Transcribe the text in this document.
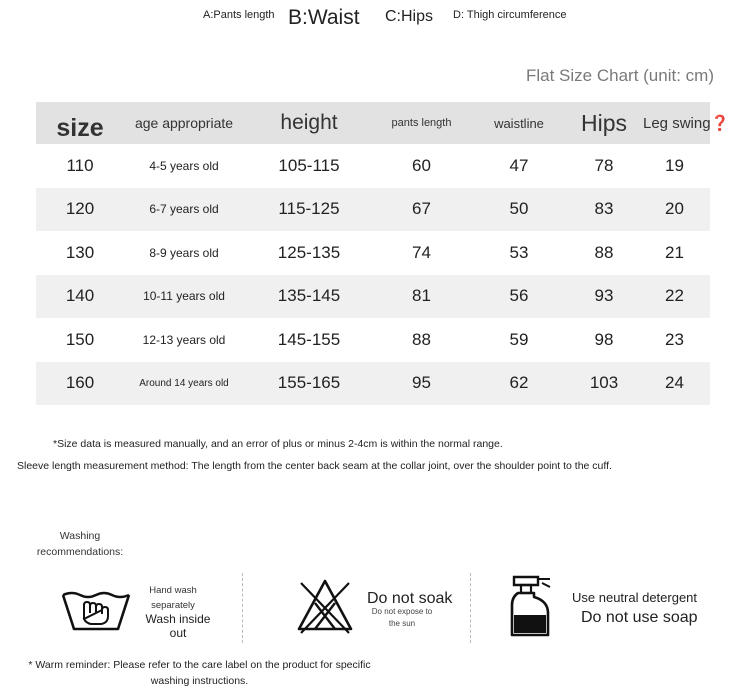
A:Pants length B:Waist C:Hips D: Thigh circumference
Flat Size Chart (unit: cm)
size	age appropriate	height	pants length	waistline	Hips	Leg swing❓
110	4-5 years old	105-115	60	47	78	19
120	6-7 years old	115-125	67	50	83	20
130	8-9 years old	125-135	74	53	88	21
140	10-11 years old	135-145	81	56	93	22
150	12-13 years old	145-155	88	59	98	23
160	Around 14 years old	155-165	95	62	103	24
*Size data is measured manually, and an error of plus or minus 2-4cm is within the normal range.
Sleeve length measurement method: The length from the center back seam at the collar joint, over the shoulder point to the cuff.
Washing recommendations:
Hand wash
separately
Wash inside out
Do not soak
Do not expose to the sun
Use neutral detergent
Do not use soap
* Warm reminder: Please refer to the care label on the product for specific washing instructions.
